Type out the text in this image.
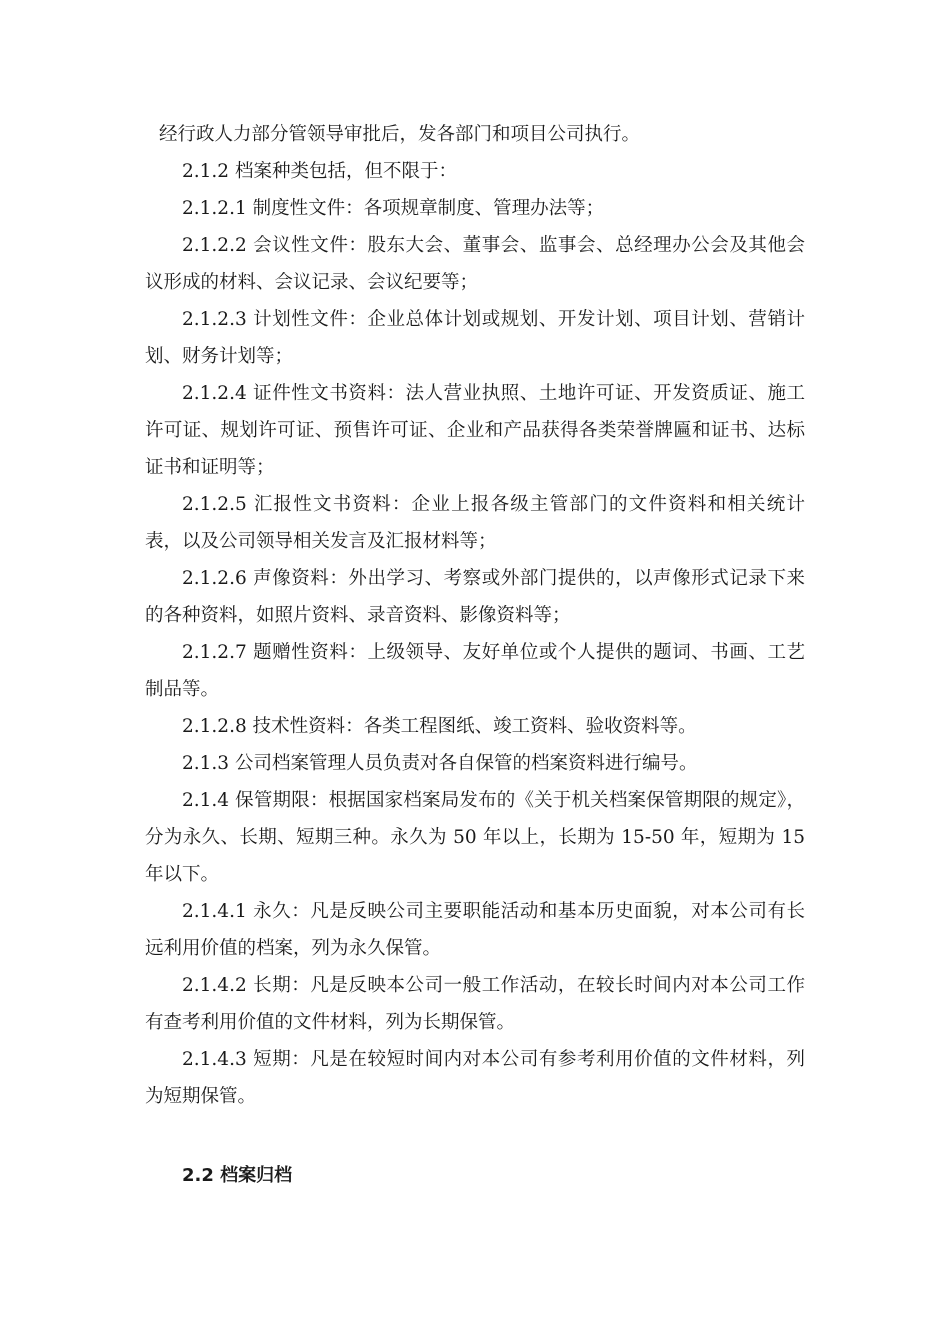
经行政人力部分管领导审批后，发各部门和项目公司执行。

2.1.2 档案种类包括，但不限于：

2.1.2.1 制度性文件：各项规章制度、管理办法等；

2.1.2.2 会议性文件：股东大会、董事会、监事会、总经理办公会及其他会议形成的材料、会议记录、会议纪要等；

2.1.2.3 计划性文件：企业总体计划或规划、开发计划、项目计划、营销计划、财务计划等；

2.1.2.4 证件性文书资料：法人营业执照、土地许可证、开发资质证、施工许可证、规划许可证、预售许可证、企业和产品获得各类荣誉牌匾和证书、达标证书和证明等；

2.1.2.5 汇报性文书资料：企业上报各级主管部门的文件资料和相关统计表，以及公司领导相关发言及汇报材料等；

2.1.2.6 声像资料：外出学习、考察或外部门提供的，以声像形式记录下来的各种资料，如照片资料、录音资料、影像资料等；

2.1.2.7 题赠性资料：上级领导、友好单位或个人提供的题词、书画、工艺制品等。

2.1.2.8 技术性资料：各类工程图纸、竣工资料、验收资料等。

2.1.3 公司档案管理人员负责对各自保管的档案资料进行编号。

2.1.4 保管期限：根据国家档案局发布的《关于机关档案保管期限的规定》，分为永久、长期、短期三种。永久为 50 年以上，长期为 15-50 年，短期为 15 年以下。

2.1.4.1 永久：凡是反映公司主要职能活动和基本历史面貌，对本公司有长远利用价值的档案，列为永久保管。

2.1.4.2 长期：凡是反映本公司一般工作活动，在较长时间内对本公司工作有查考利用价值的文件材料，列为长期保管。

2.1.4.3 短期：凡是在较短时间内对本公司有参考利用价值的文件材料，列为短期保管。

2.2 档案归档
